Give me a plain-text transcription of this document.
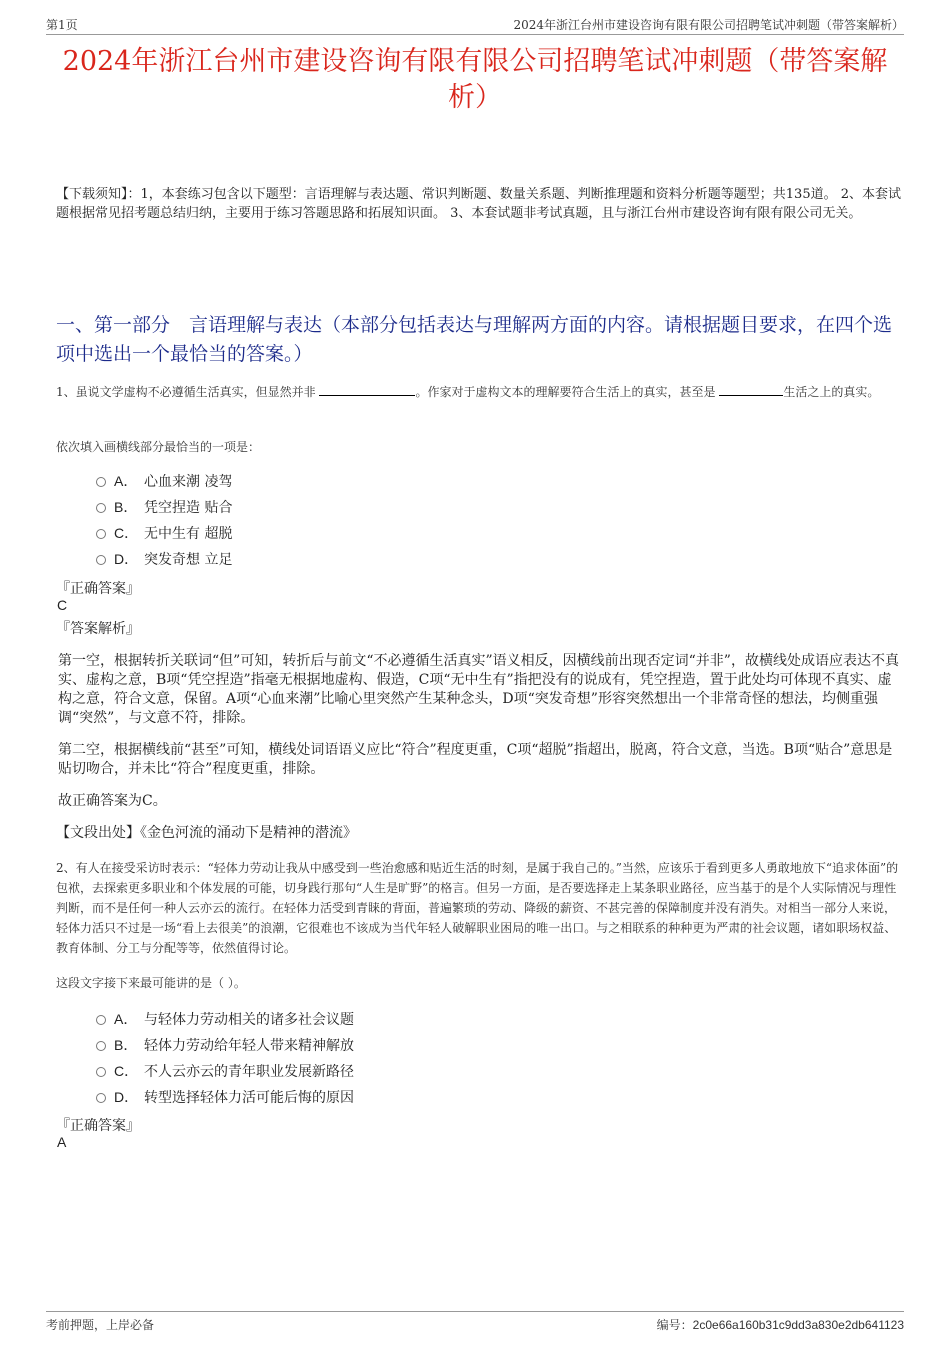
第1页	2024年浙江台州市建设咨询有限有限公司招聘笔试冲刺题（带答案解析）
2024年浙江台州市建设咨询有限有限公司招聘笔试冲刺题（带答案解析）
【下载须知】：1，本套练习包含以下题型：言语理解与表达题、常识判断题、数量关系题、判断推理题和资料分析题等题型；共135道。 2、本套试题根据常见招考题总结归纳，主要用于练习答题思路和拓展知识面。 3、本套试题非考试真题，且与浙江台州市建设咨询有限有限公司无关。
一、第一部分　言语理解与表达（本部分包括表达与理解两方面的内容。请根据题目要求，在四个选项中选出一个最恰当的答案。）
1、虽说文学虚构不必遵循生活真实，但显然并非	。作家对于虚构文本的理解要符合生活上的真实，甚至是	生活之上的真实。
依次填入画横线部分最恰当的一项是：
A． 心血来潮 凌驾
B． 凭空捏造 贴合
C． 无中生有 超脱
D． 突发奇想 立足
『正确答案』
C
『答案解析』
第一空，根据转折关联词“但”可知，转折后与前文“不必遵循生活真实”语义相反，因横线前出现否定词“并非”，故横线处成语应表达不真实、虚构之意，B项“凭空捏造”指毫无根据地虚构、假造，C项“无中生有”指把没有的说成有，凭空捏造，置于此处均可体现不真实、虚构之意，符合文意，保留。A项“心血来潮”比喻心里突然产生某种念头，D项“突发奇想”形容突然想出一个非常奇怪的想法，均侧重强调“突然”，与文意不符，排除。
第二空，根据横线前“甚至”可知，横线处词语语义应比“符合”程度更重，C项“超脱”指超出，脱离，符合文意，当选。B项“贴合”意思是贴切吻合，并未比“符合”程度更重，排除。
故正确答案为C。
【文段出处】《金色河流的涌动下是精神的潜流》
2、有人在接受采访时表示：“轻体力劳动让我从中感受到一些治愈感和贴近生活的时刻，是属于我自己的。”当然，应该乐于看到更多人勇敢地放下“追求体面”的包袱，去探索更多职业和个体发展的可能，切身践行那句“人生是旷野”的格言。但另一方面，是否要选择走上某条职业路径，应当基于的是个人实际情况与理性判断，而不是任何一种人云亦云的流行。在轻体力活受到青睐的背面，普遍繁琐的劳动、降级的薪资、不甚完善的保障制度并没有消失。对相当一部分人来说，轻体力活只不过是一场“看上去很美”的浪潮，它很难也不该成为当代年轻人破解职业困局的唯一出口。与之相联系的种种更为严肃的社会议题，诸如职场权益、教育体制、分工与分配等等，依然值得讨论。
这段文字接下来最可能讲的是（ ）。
A． 与轻体力劳动相关的诸多社会议题
B． 轻体力劳动给年轻人带来精神解放
C． 不人云亦云的青年职业发展新路径
D． 转型选择轻体力活可能后悔的原因
『正确答案』
A
考前押题，上岸必备	编号：2c0e66a160b31c9dd3a830e2db641123
